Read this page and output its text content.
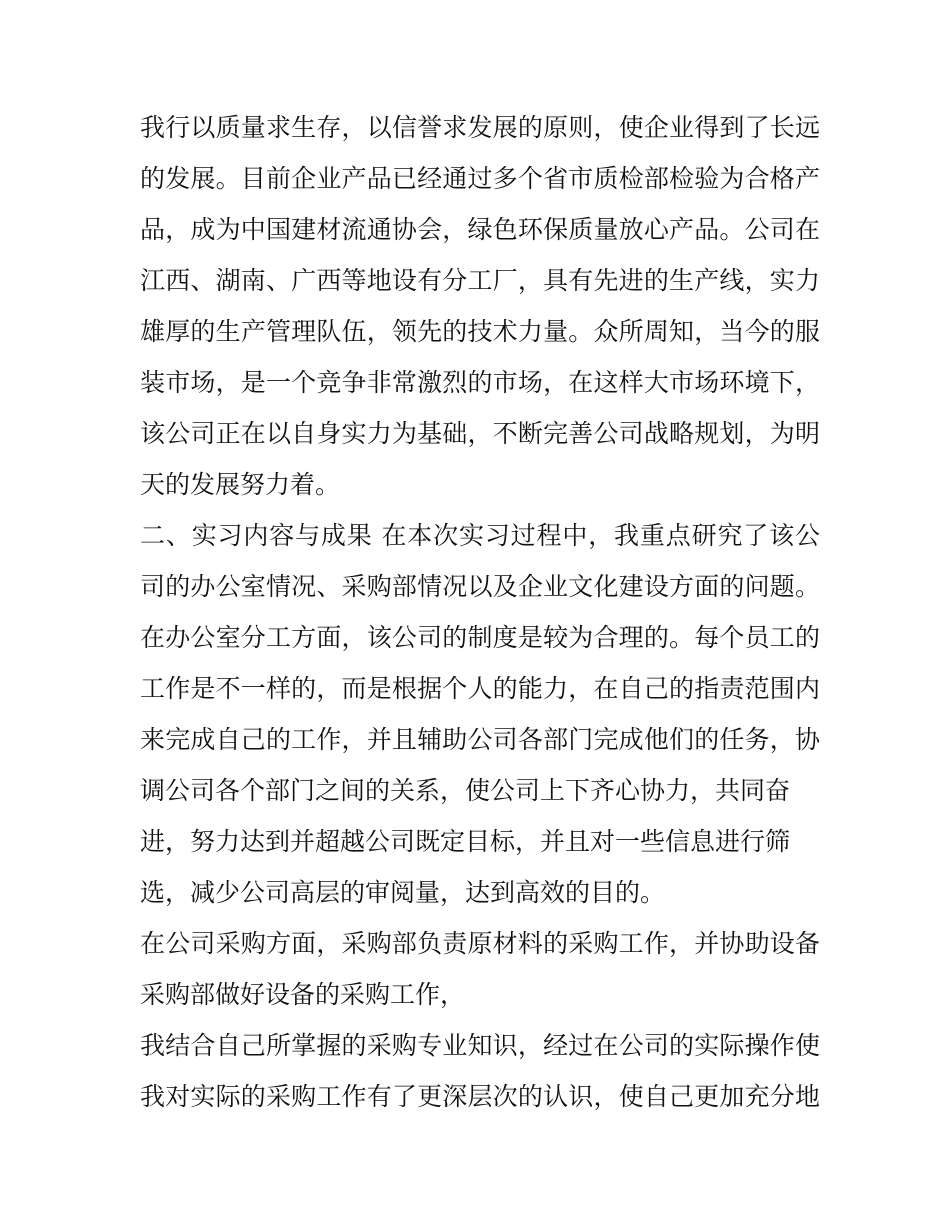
我行以质量求生存，以信誉求发展的原则，使企业得到了长远
的发展。目前企业产品已经通过多个省市质检部检验为合格产
品，成为中国建材流通协会，绿色环保质量放心产品。公司在
江西、湖南、广西等地设有分工厂，具有先进的生产线，实力
雄厚的生产管理队伍，领先的技术力量。众所周知，当今的服
装市场，是一个竞争非常激烈的市场，在这样大市场环境下，
该公司正在以自身实力为基础，不断完善公司战略规划，为明
天的发展努力着。
二、实习内容与成果 在本次实习过程中，我重点研究了该公
司的办公室情况、采购部情况以及企业文化建设方面的问题。
在办公室分工方面，该公司的制度是较为合理的。每个员工的
工作是不一样的，而是根据个人的能力，在自己的指责范围内
来完成自己的工作，并且辅助公司各部门完成他们的任务，协
调公司各个部门之间的关系，使公司上下齐心协力，共同奋
进，努力达到并超越公司既定目标，并且对一些信息进行筛
选，减少公司高层的审阅量，达到高效的目的。
在公司采购方面，采购部负责原材料的采购工作，并协助设备
采购部做好设备的采购工作，
我结合自己所掌握的采购专业知识，经过在公司的实际操作使
我对实际的采购工作有了更深层次的认识，使自己更加充分地
